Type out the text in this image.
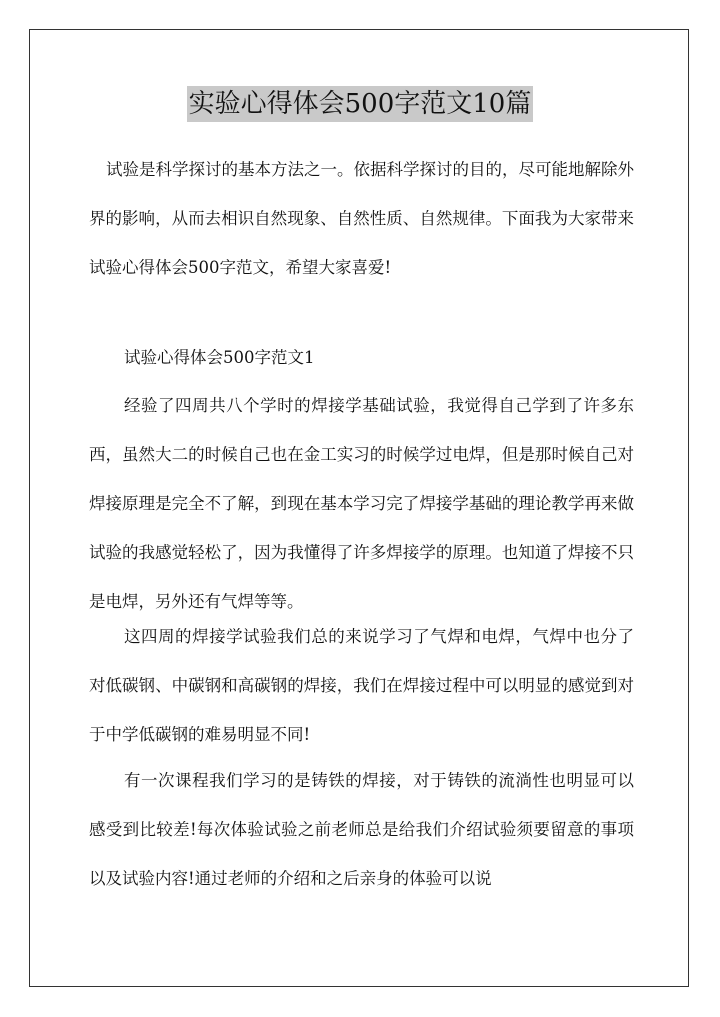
实验心得体会500字范文10篇

试验是科学探讨的基本方法之一。依据科学探讨的目的，尽可能地解除外界的影响，从而去相识自然现象、自然性质、自然规律。下面我为大家带来试验心得体会500字范文，希望大家喜爱!

试验心得体会500字范文1

经验了四周共八个学时的焊接学基础试验，我觉得自己学到了许多东西，虽然大二的时候自己也在金工实习的时候学过电焊，但是那时候自己对焊接原理是完全不了解，到现在基本学习完了焊接学基础的理论教学再来做试验的我感觉轻松了，因为我懂得了许多焊接学的原理。也知道了焊接不只是电焊，另外还有气焊等等。

这四周的焊接学试验我们总的来说学习了气焊和电焊，气焊中也分了对低碳钢、中碳钢和高碳钢的焊接，我们在焊接过程中可以明显的感觉到对于中学低碳钢的难易明显不同!

有一次课程我们学习的是铸铁的焊接，对于铸铁的流淌性也明显可以感受到比较差!每次体验试验之前老师总是给我们介绍试验须要留意的事项以及试验内容!通过老师的介绍和之后亲身的体验可以说
